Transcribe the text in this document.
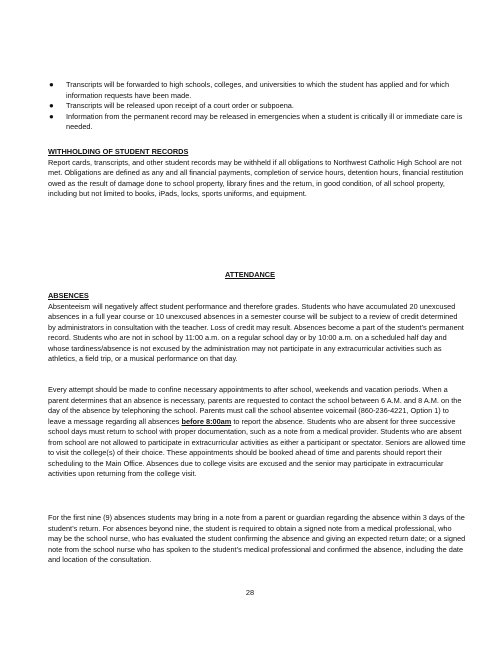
● Transcripts will be forwarded to high schools, colleges, and universities to which the student has applied and for which information requests have been made.
● Transcripts will be released upon receipt of a court order or subpoena.
● Information from the permanent record may be released in emergencies when a student is critically ill or immediate care is needed.
WITHHOLDING OF STUDENT RECORDS

Report cards, transcripts, and other student records may be withheld if all obligations to Northwest Catholic High School are not met. Obligations are defined as any and all financial payments, completion of service hours, detention hours, financial restitution owed as the result of damage done to school property, library fines and the return, in good condition, of all school property, including but not limited to books, iPads, locks, sports uniforms, and equipment.

ATTENDANCE
ABSENCES

Absenteeism will negatively affect student performance and therefore grades. Students who have accumulated 20 unexcused absences in a full year course or 10 unexcused absences in a semester course will be subject to a review of credit determined by administrators in consultation with the teacher. Loss of credit may result. Absences become a part of the student’s permanent record. Students who are not in school by 11:00 a.m. on a regular school day or by 10:00 a.m. on a scheduled half day and whose tardiness/absence is not excused by the administration may not participate in any extracurricular activities such as athletics, a field trip, or a musical performance on that day.

Every attempt should be made to confine necessary appointments to after school, weekends and vacation periods. When a parent determines that an absence is necessary, parents are requested to contact the school between 6 A.M. and 8 A.M. on the day of the absence by telephoning the school. Parents must call the school absentee voicemail (860-236-4221, Option 1) to leave a message regarding all absences before 8:00am to report the absence. Students who are absent for three successive school days must return to school with proper documentation, such as a note from a medical provider. Students who are absent from school are not allowed to participate in extracurricular activities as either a participant or spectator. Seniors are allowed time to visit the college(s) of their choice. These appointments should be booked ahead of time and parents should report their scheduling to the Main Office. Absences due to college visits are excused and the senior may participate in extracurricular activities upon returning from the college visit.

For the first nine (9) absences students may bring in a note from a parent or guardian regarding the absence within 3 days of the student’s return. For absences beyond nine, the student is required to obtain a signed note from a medical professional, who may be the school nurse, who has evaluated the student confirming the absence and giving an expected return date; or a signed note from the school nurse who has spoken to the student’s medical professional and confirmed the absence, including the date and location of the consultation.

28
